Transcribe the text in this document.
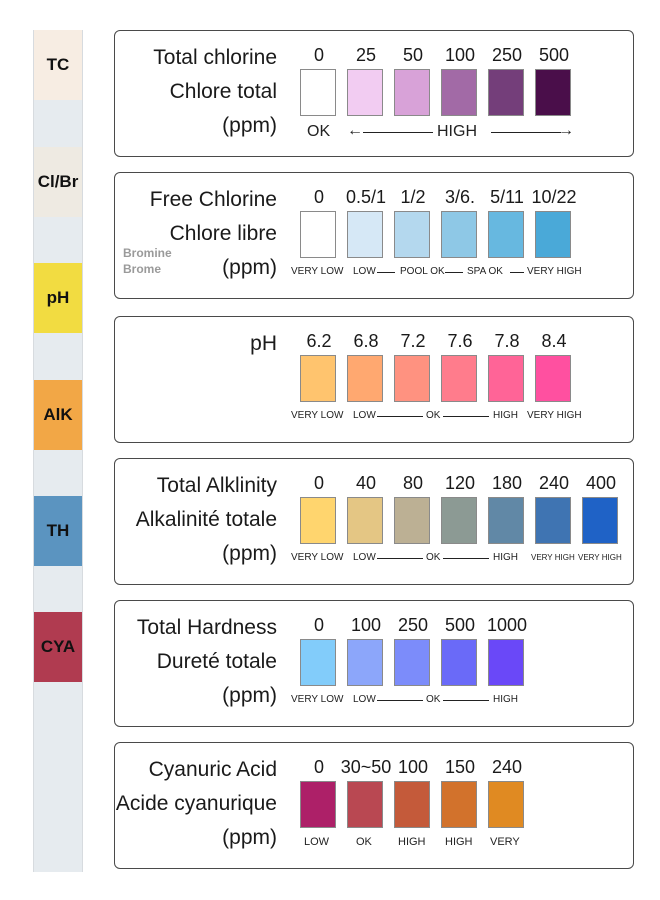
TC
Cl/Br
pH
AlK
TH
CYA
Total chlorine
Chlore total
(ppm)
0	25	50	100 250 500
OK ←	HIGH	→
Free Chlorine
Chlore libre
(ppm)
Bromine
Brome
0	0.5/1 1/2	3/6. 5/11 10/22
VERY LOW LOW POOL OK SPA OK VERY HIGH
pH	6.2	6.8	7.2	7.6	7.8	8.4
VERY LOW LOW	OK	HIGH VERY HIGH
Total Alklinity
Alkalinité totale
(ppm)
0	40	80	120 180 240 400
VERY LOW LOW	OK	HIGH VERY HIGH VERY HIGH
Total Hardness
Dureté totale
(ppm)
0	100 250 500 1000
VERY LOW LOW	OK	HIGH
Cyanuric Acid
Acide cyanurique
(ppm)
0 30~50 100 150 240
LOW OK HIGH HIGH VERY
